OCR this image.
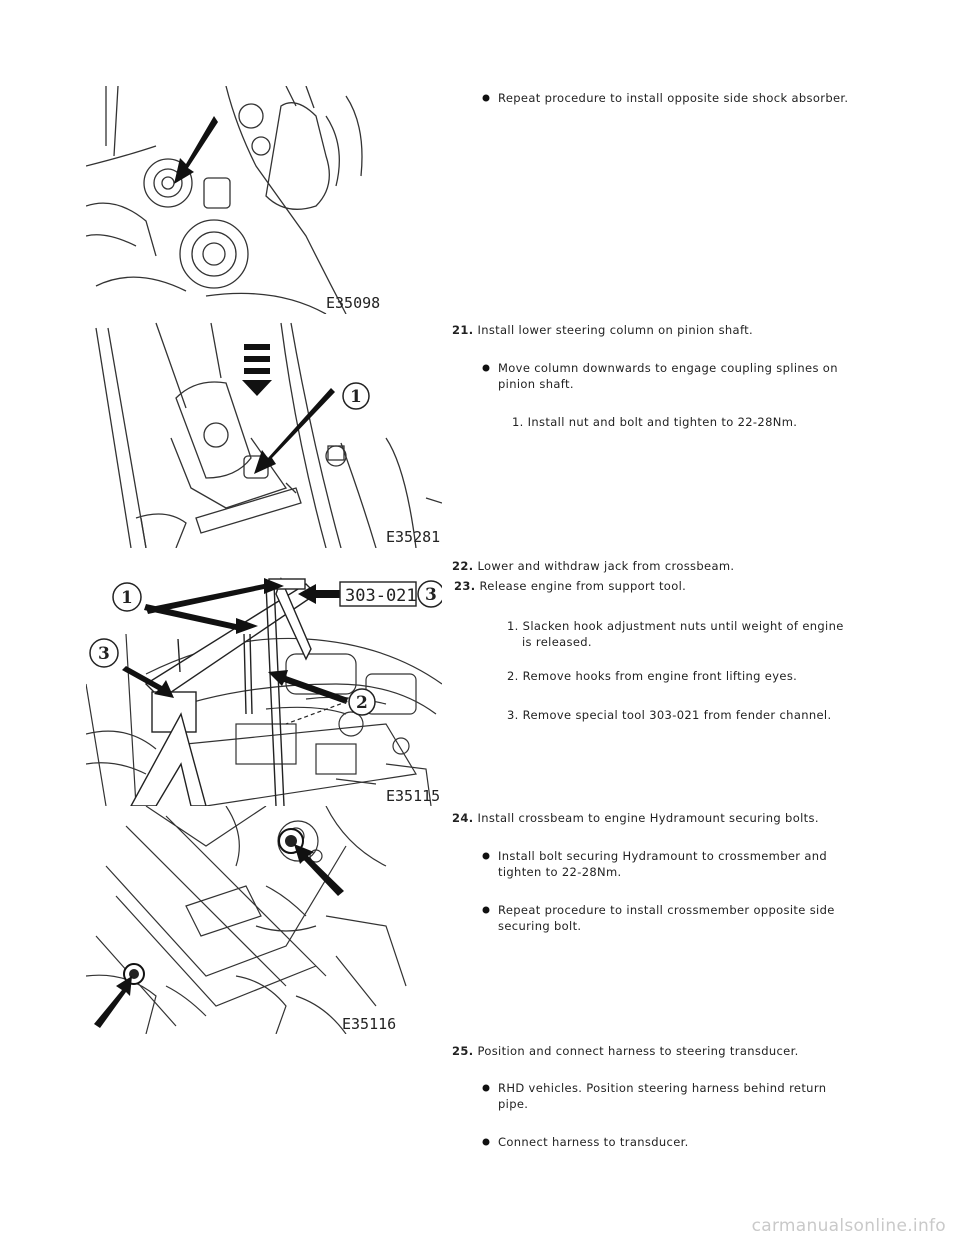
E35098
1
E35281
1	3
3
2
303-021
E35115
E35116
Repeat procedure to install opposite side shock absorber.
21. Install lower steering column on pinion shaft.
Move column downwards to engage coupling splines on
pinion shaft.
1. Install nut and bolt and tighten to 22-28Nm.
22. Lower and withdraw jack from crossbeam.
23. Release engine from support tool.
1. Slacken hook adjustment nuts until weight of engine
is released.
2. Remove hooks from engine front lifting eyes.
3. Remove special tool 303-021 from fender channel.
24. Install crossbeam to engine Hydramount securing bolts.
Install bolt securing Hydramount to crossmember and
tighten to 22-28Nm.
Repeat procedure to install crossmember opposite side
securing bolt.
25. Position and connect harness to steering transducer.
RHD vehicles. Position steering harness behind return
pipe.
Connect harness to transducer.
carmanualsonline.info
